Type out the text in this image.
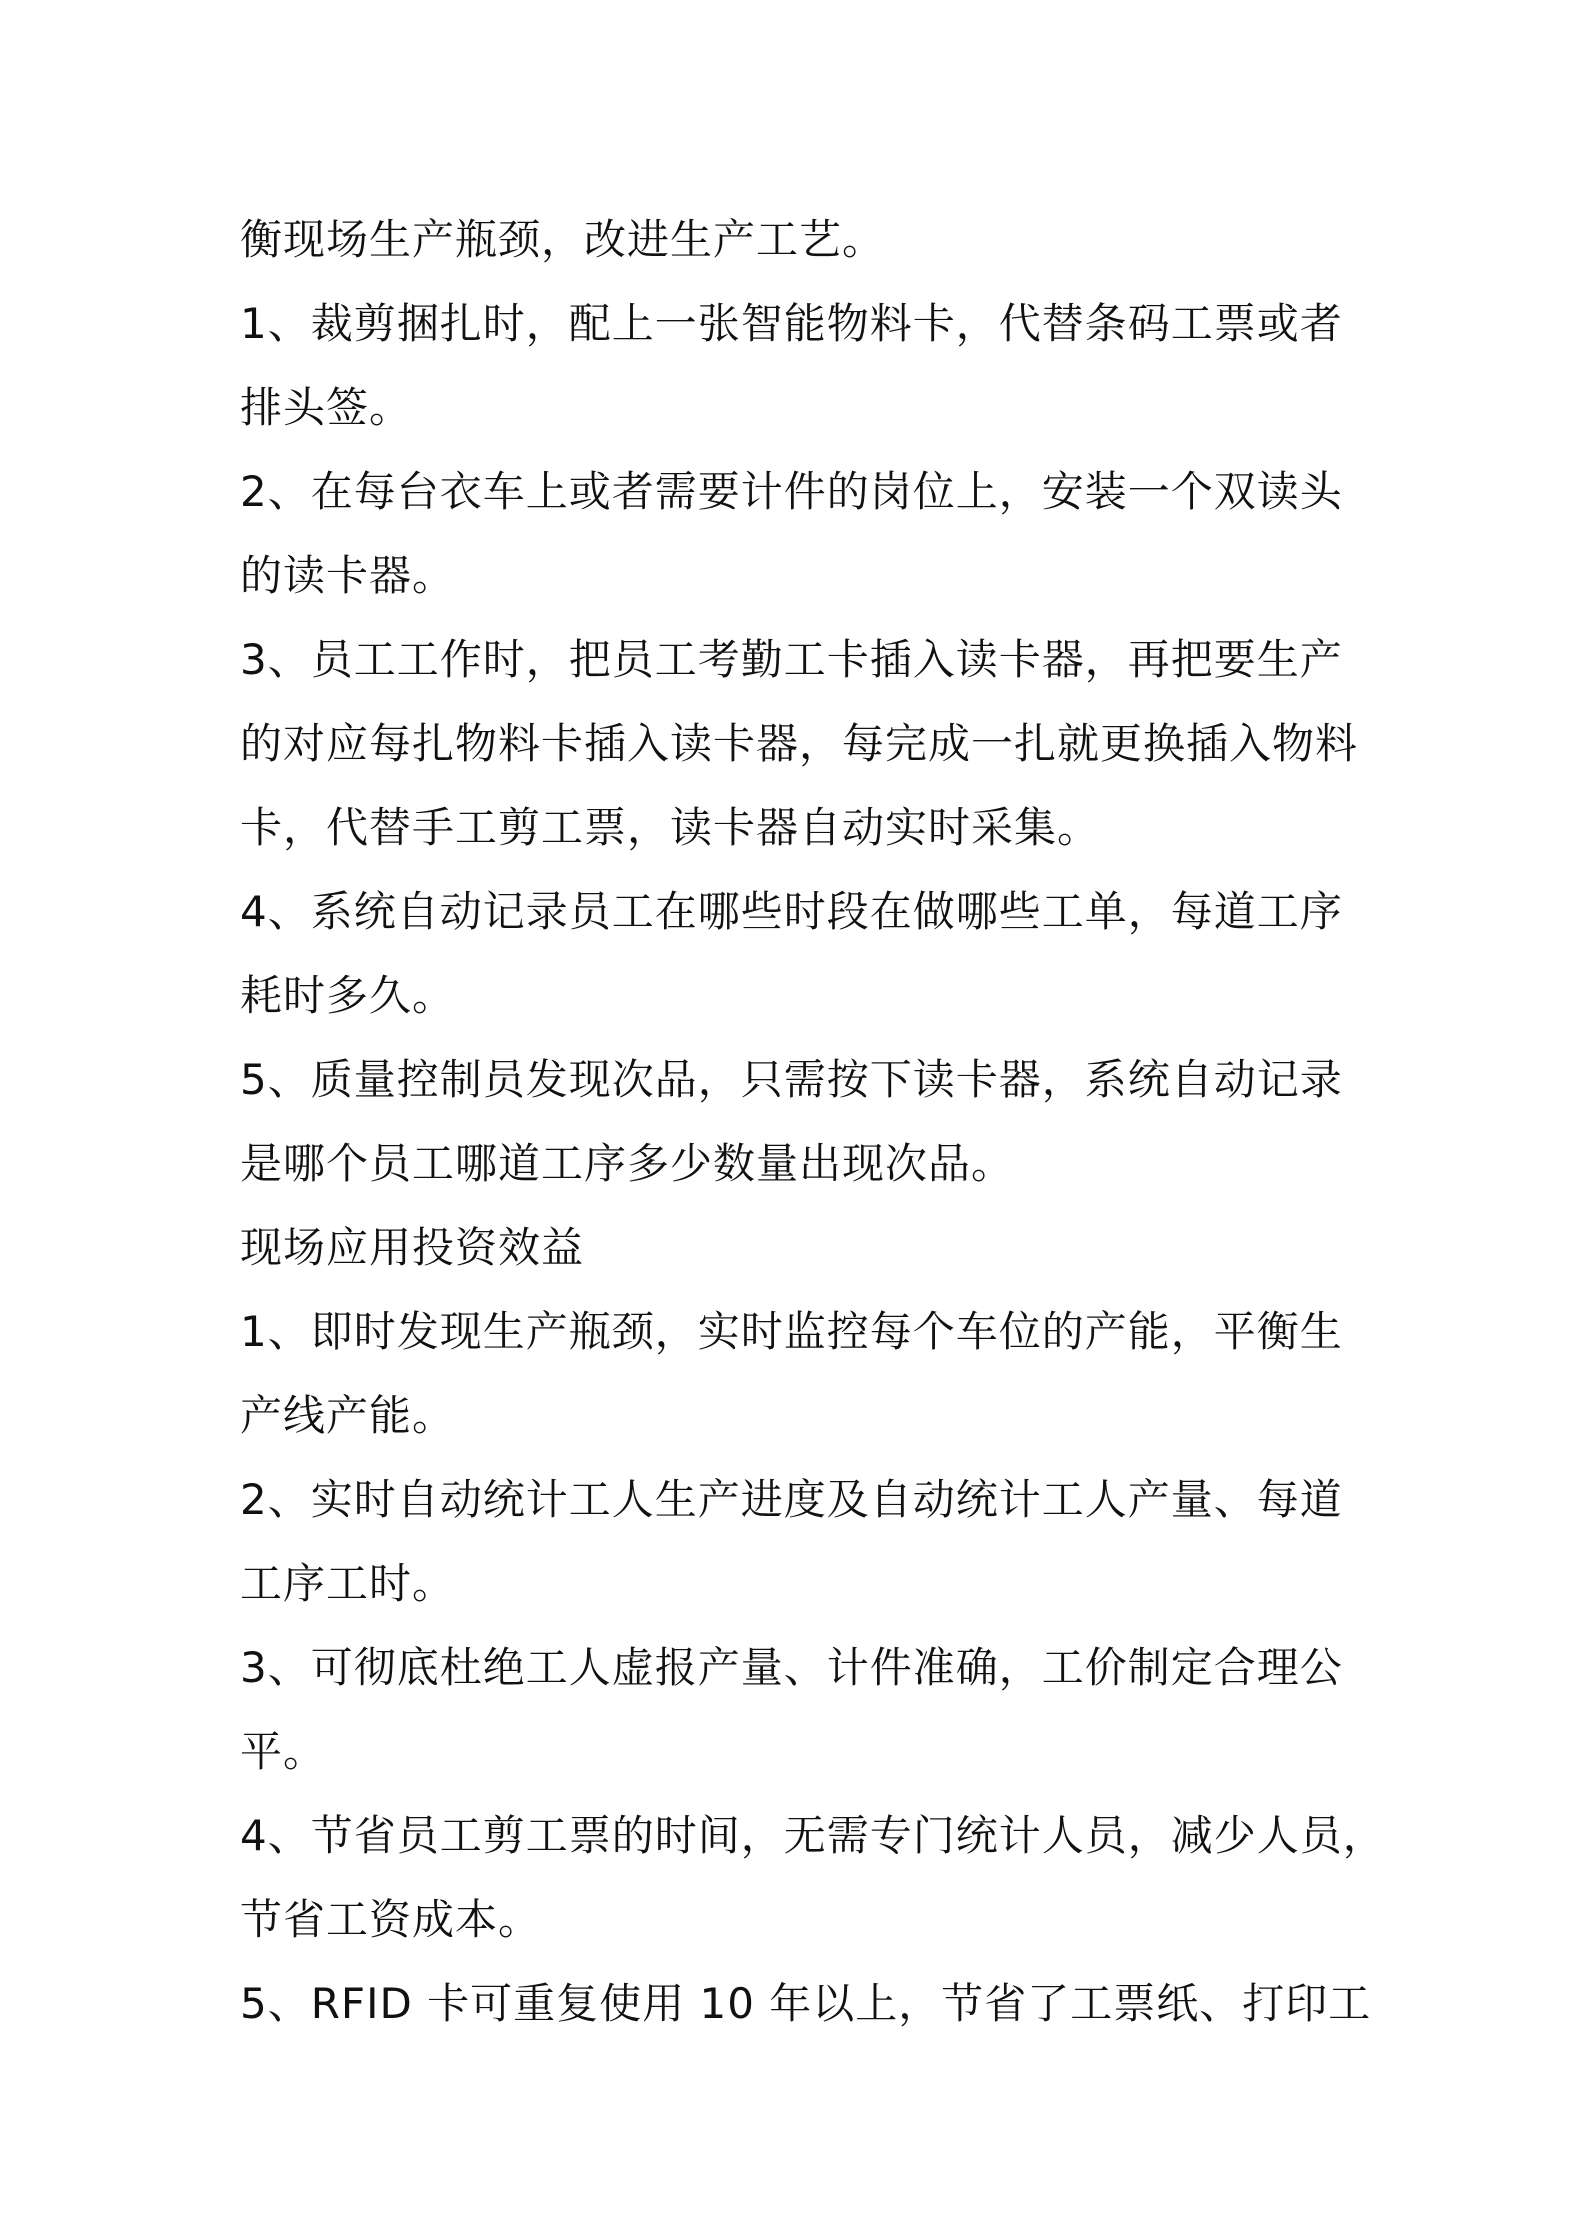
衡现场生产瓶颈，改进生产工艺。
1、裁剪捆扎时，配上一张智能物料卡，代替条码工票或者
排头签。
2、在每台衣车上或者需要计件的岗位上，安装一个双读头
的读卡器。
3、员工工作时，把员工考勤工卡插入读卡器，再把要生产
的对应每扎物料卡插入读卡器，每完成一扎就更换插入物料
卡，代替手工剪工票，读卡器自动实时采集。
4、系统自动记录员工在哪些时段在做哪些工单，每道工序
耗时多久。
5、质量控制员发现次品，只需按下读卡器，系统自动记录
是哪个员工哪道工序多少数量出现次品。
现场应用投资效益
1、即时发现生产瓶颈，实时监控每个车位的产能，平衡生
产线产能。
2、实时自动统计工人生产进度及自动统计工人产量、每道
工序工时。
3、可彻底杜绝工人虚报产量、计件准确，工价制定合理公
平。
4、节省员工剪工票的时间，无需专门统计人员，减少人员，
节省工资成本。
5、RFID 卡可重复使用 10 年以上，节省了工票纸、打印工
